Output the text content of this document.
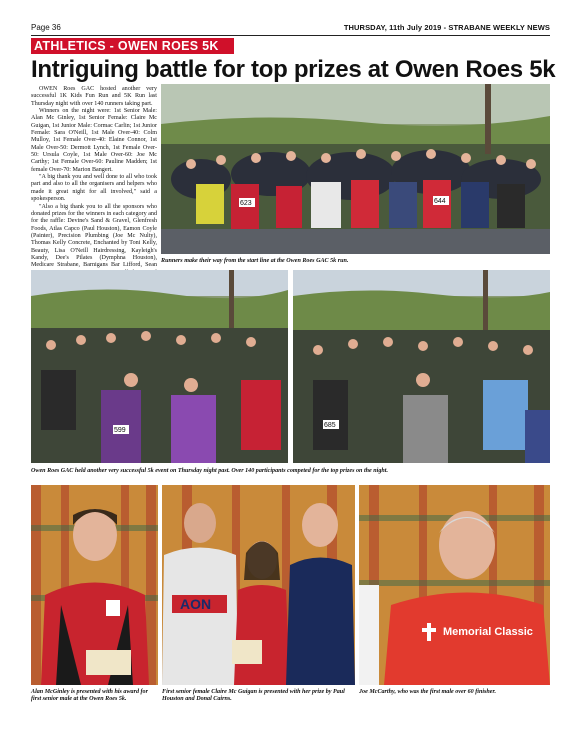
Page 36	THURSDAY, 11th July 2019 - STRABANE WEEKLY NEWS
ATHLETICS - OWEN ROES 5K
Intriguing battle for top prizes at Owen Roes 5k

OWEN Roes GAC hosted another very successful 1K Kids Fun Run and 5K Run last Thursday night with over 140 runners taking part.

Winners on the night were: 1st Senior Male: Alan Mc Ginley, 1st Senior Female: Claire Mc Guigan, 1st Junior Male: Cormac Carlin; 1st Junior Female: Sara O'Neill, 1st Male Over-40: Colm Mulloy, 1st Female Over-40: Elaine Connor, 1st Male Over-50: Dermott Lynch, 1st Female Over-50: Ursula Coyle, 1st Male Over-60: Joe Mc Carthy; 1st Female Over-60: Pauline Madden; 1st female Over-70: Marion Bangert.

"A big thank you and well done to all who took part and also to all the organisers and helpers who made it great night for all involved," said a spokesperson.

"Also a big thank you to all the sponsors who donated prizes for the winners in each category and for the raffle: Devine's Sand & Gravel, Glenfresh Foods, Atlas Capco (Paul Houston), Eamon Coyle (Painter), Precision Plumbing (Joe Mc Nulty), Thomas Kelly Concrete, Enchanted by Toni Kelly, Beauty, Lisa O'Neill Hairdressing, Kayleigh's Kandy, Dee's Pilates (Dymphna Houston), Medicare Strabane, Barnigans Bar Lifford, Sean

623	644
Runners make their way from the start line at the Owen Roes GAC 5k run.
599
685
Owen Roes GAC held another very successful 5k event on Thursday night past. Over 140 participants competed for the top prizes on the night.
Alan McGinley is presented with his award for first senior male at the Owen Roes 5k.
AON
First senior female Claire Mc Guigan is presented with her prize by Paul Houston and Donal Cairns.
Memorial Classic
Joe McCarthy, who was the first male over 60 finisher.
